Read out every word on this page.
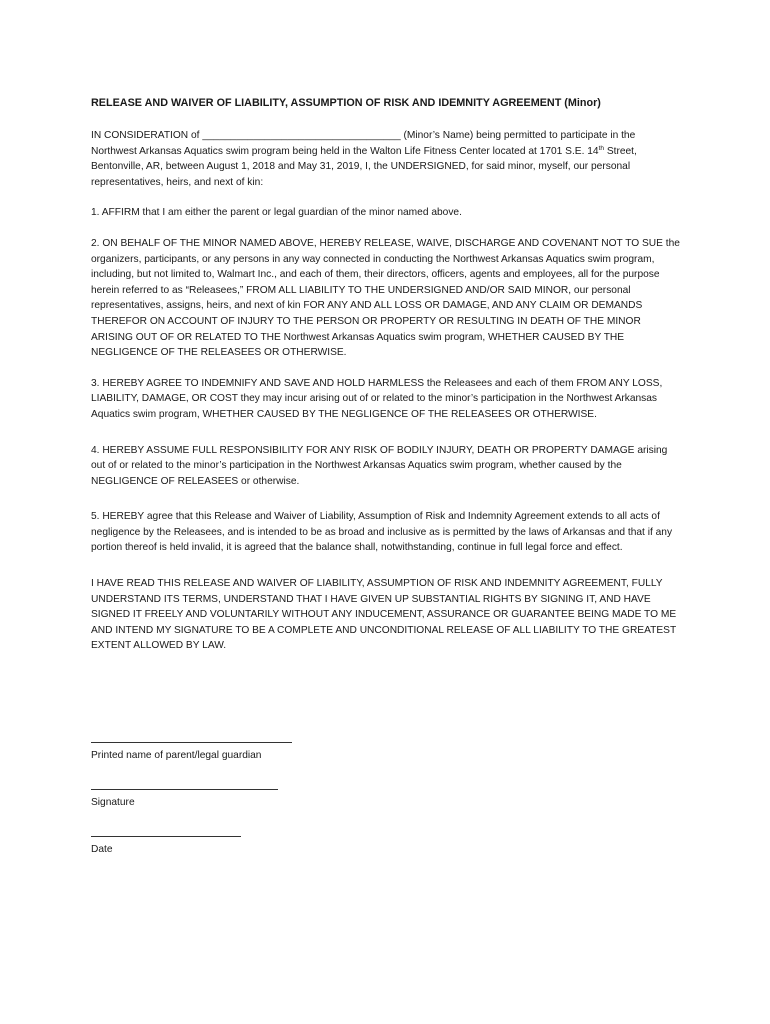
RELEASE AND WAIVER OF LIABILITY, ASSUMPTION OF RISK AND IDEMNITY AGREEMENT (Minor)

IN CONSIDERATION of ___________________________________ (Minor’s Name) being permitted to participate in the Northwest Arkansas Aquatics swim program being held in the Walton Life Fitness Center located at 1701 S.E. 14th Street, Bentonville, AR, between August 1, 2018 and May 31, 2019, I, the UNDERSIGNED, for said minor, myself, our personal representatives, heirs, and next of kin:

1. AFFIRM that I am either the parent or legal guardian of the minor named above.

2. ON BEHALF OF THE MINOR NAMED ABOVE, HEREBY RELEASE, WAIVE, DISCHARGE AND COVENANT NOT TO SUE the organizers, participants, or any persons in any way connected in conducting the Northwest Arkansas Aquatics swim program, including, but not limited to, Walmart Inc., and each of them, their directors, officers, agents and employees, all for the purpose herein referred to as “Releasees,” FROM ALL LIABILITY TO THE UNDERSIGNED AND/OR SAID MINOR, our personal representatives, assigns, heirs, and next of kin FOR ANY AND ALL LOSS OR DAMAGE, AND ANY CLAIM OR DEMANDS THEREFOR ON ACCOUNT OF INJURY TO THE PERSON OR PROPERTY OR RESULTING IN DEATH OF THE MINOR ARISING OUT OF OR RELATED TO THE Northwest Arkansas Aquatics swim program, WHETHER CAUSED BY THE NEGLIGENCE OF THE RELEASEES OR OTHERWISE.

3. HEREBY AGREE TO INDEMNIFY AND SAVE AND HOLD HARMLESS the Releasees and each of them FROM ANY LOSS, LIABILITY, DAMAGE, OR COST they may incur arising out of or related to the minor’s participation in the Northwest Arkansas Aquatics swim program, WHETHER CAUSED BY THE NEGLIGENCE OF THE RELEASEES OR OTHERWISE.

4. HEREBY ASSUME FULL RESPONSIBILITY FOR ANY RISK OF BODILY INJURY, DEATH OR PROPERTY DAMAGE arising out of or related to the minor’s participation in the Northwest Arkansas Aquatics swim program, whether caused by the NEGLIGENCE OF RELEASEES or otherwise.

5. HEREBY agree that this Release and Waiver of Liability, Assumption of Risk and Indemnity Agreement extends to all acts of negligence by the Releasees, and is intended to be as broad and inclusive as is permitted by the laws of Arkansas and that if any portion thereof is held invalid, it is agreed that the balance shall, notwithstanding, continue in full legal force and effect.

I HAVE READ THIS RELEASE AND WAIVER OF LIABILITY, ASSUMPTION OF RISK AND INDEMNITY AGREEMENT, FULLY UNDERSTAND ITS TERMS, UNDERSTAND THAT I HAVE GIVEN UP SUBSTANTIAL RIGHTS BY SIGNING IT, AND HAVE SIGNED IT FREELY AND VOLUNTARILY WITHOUT ANY INDUCEMENT, ASSURANCE OR GUARANTEE BEING MADE TO ME AND INTEND MY SIGNATURE TO BE A COMPLETE AND UNCONDITIONAL RELEASE OF ALL LIABILITY TO THE GREATEST EXTENT ALLOWED BY LAW.

Printed name of parent/legal guardian
Signature
Date
